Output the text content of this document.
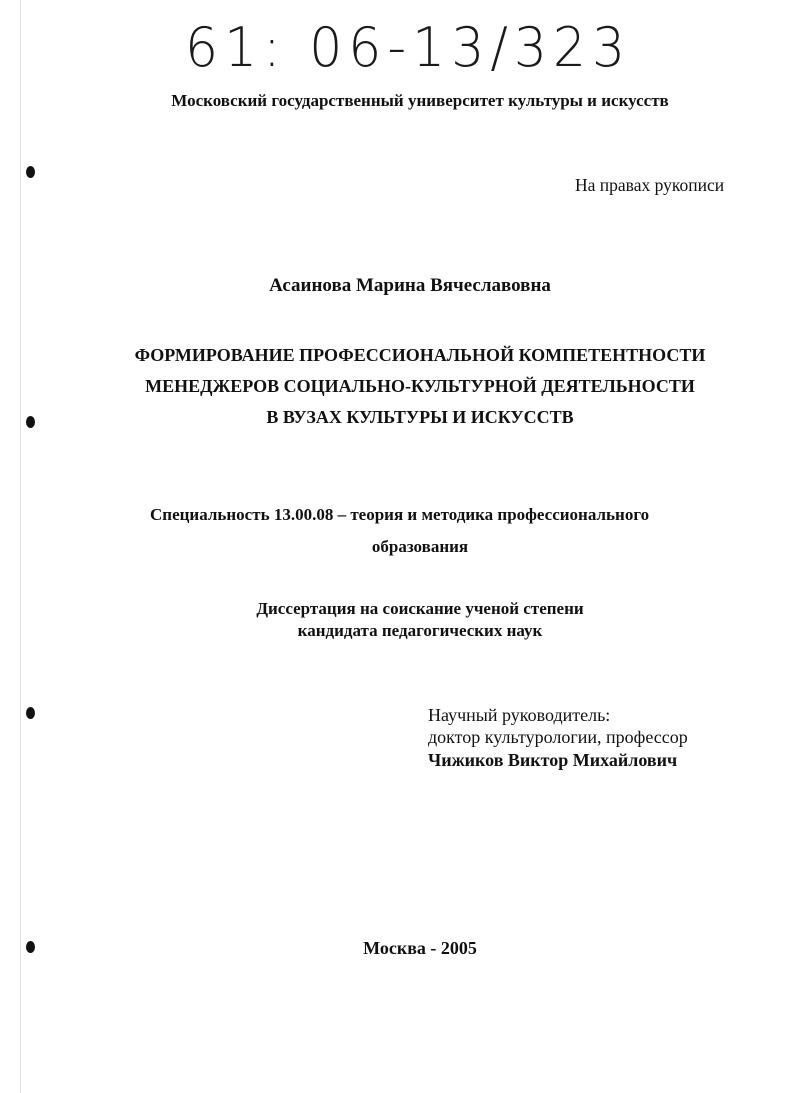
61: 06-13/323
Московский государственный университет культуры и искусств
На правах рукописи
Асаинова Марина Вячеславовна
ФОРМИРОВАНИЕ ПРОФЕССИОНАЛЬНОЙ КОМПЕТЕНТНОСТИ
МЕНЕДЖЕРОВ СОЦИАЛЬНО-КУЛЬТУРНОЙ ДЕЯТЕЛЬНОСТИ
В ВУЗАХ КУЛЬТУРЫ И ИСКУССТВ
Специальность 13.00.08 – теория и методика профессионального
образования
Диссертация на соискание ученой степени
кандидата педагогических наук
Научный руководитель:
доктор культурологии, профессор
Чижиков Виктор Михайлович
Москва - 2005
